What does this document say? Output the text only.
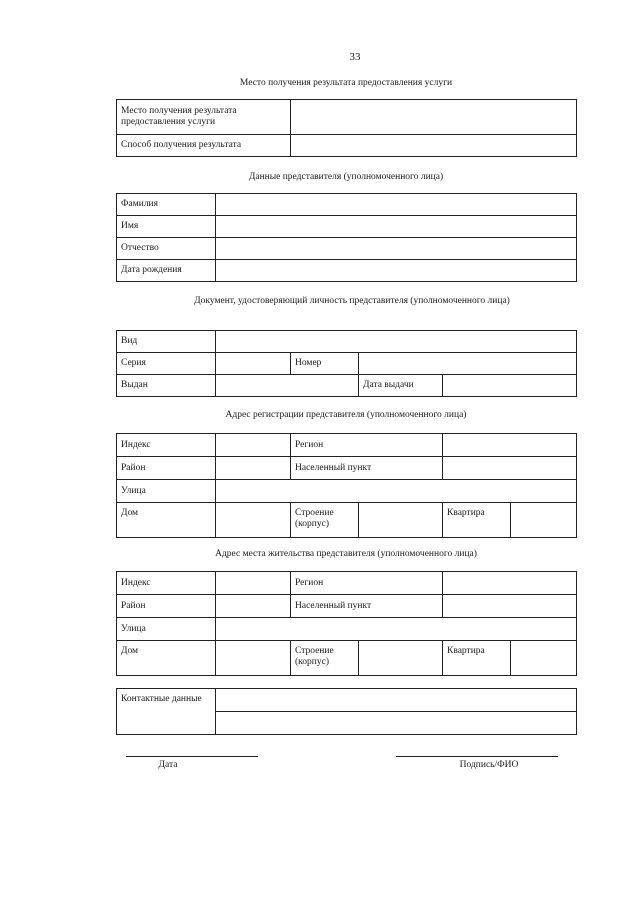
33
Место получения результата предоставления услуги
Место получения результата предоставления услуги	
Способ получения результата	
Данные представителя (уполномоченного лица)
Фамилия	
Имя	
Отчество	
Дата рождения	
Документ, удостоверяющий личность представителя (уполномоченного лица)
Вид				
Серия		Номер		
Выдан			Дата выдачи	
Адрес регистрации представителя (уполномоченного лица)
Индекс		Регион			
Район		Населенный пункт			
Улица					
Дом		Строение (корпус)		Квартира	
Адрес места жительства представителя (уполномоченного лица)
Индекс		Регион			
Район		Населенный пункт			
Улица					
Дом		Строение (корпус)		Квартира	
Контактные данные	

Дата	Подпись/ФИО
